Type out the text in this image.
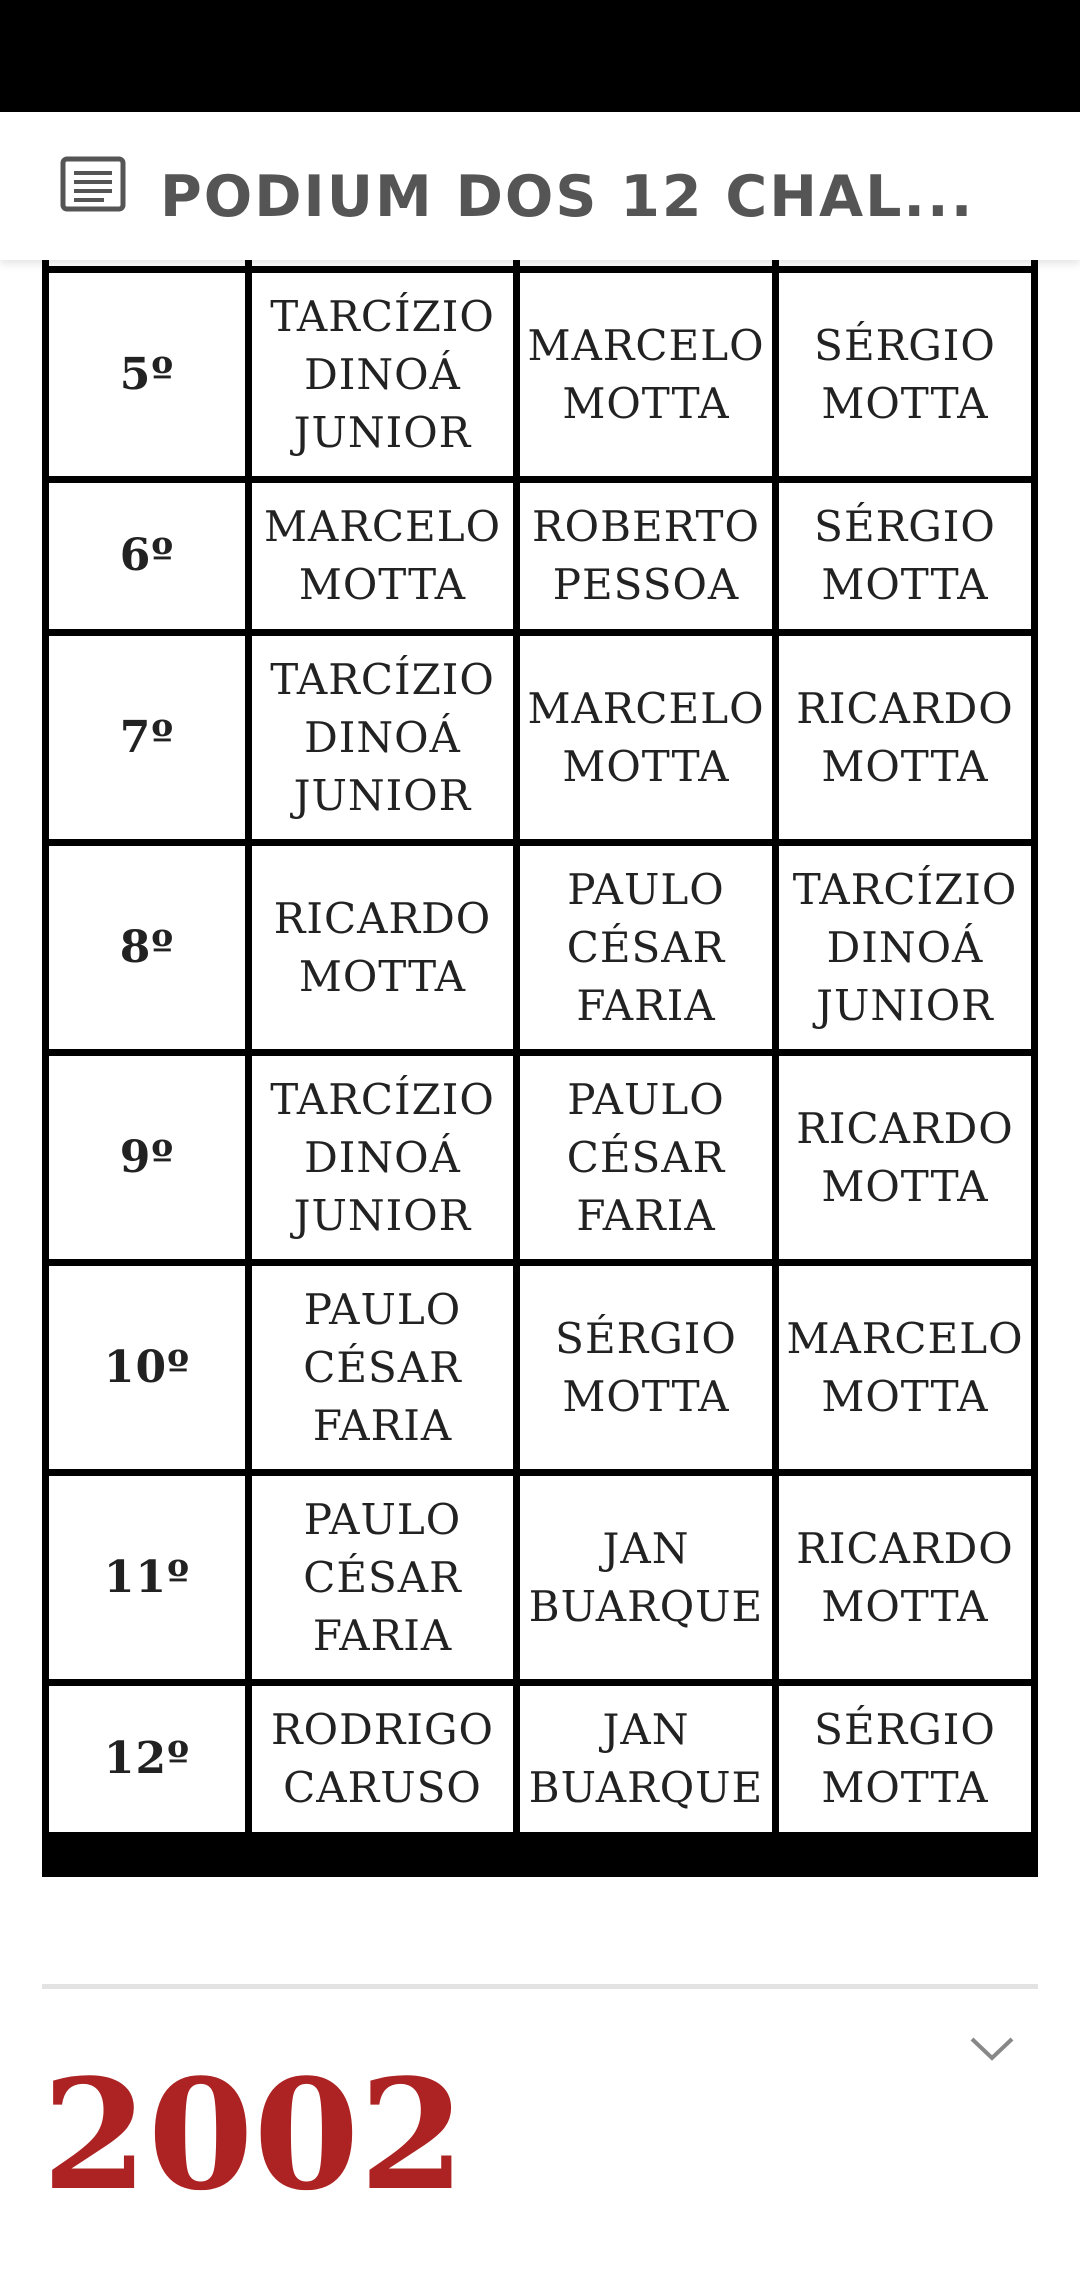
PODIUM DOS 12 CHAL...

5º	TARCÍZIO
DINOÁ
JUNIOR	MARCELO
MOTTA	SÉRGIO
MOTTA

6º	MARCELO
MOTTA	ROBERTO
PESSOA	SÉRGIO
MOTTA

7º	TARCÍZIO
DINOÁ
JUNIOR	MARCELO
MOTTA	RICARDO
MOTTA

8º	RICARDO
MOTTA	PAULO
CÉSAR
FARIA	TARCÍZIO
DINOÁ
JUNIOR

9º	TARCÍZIO
DINOÁ
JUNIOR	PAULO
CÉSAR
FARIA	RICARDO
MOTTA

10º	PAULO
CÉSAR
FARIA	SÉRGIO
MOTTA	MARCELO
MOTTA

11º	PAULO
CÉSAR
FARIA	JAN
BUARQUE	RICARDO
MOTTA

12º	RODRIGO
CARUSO	JAN
BUARQUE	SÉRGIO
MOTTA
2002
